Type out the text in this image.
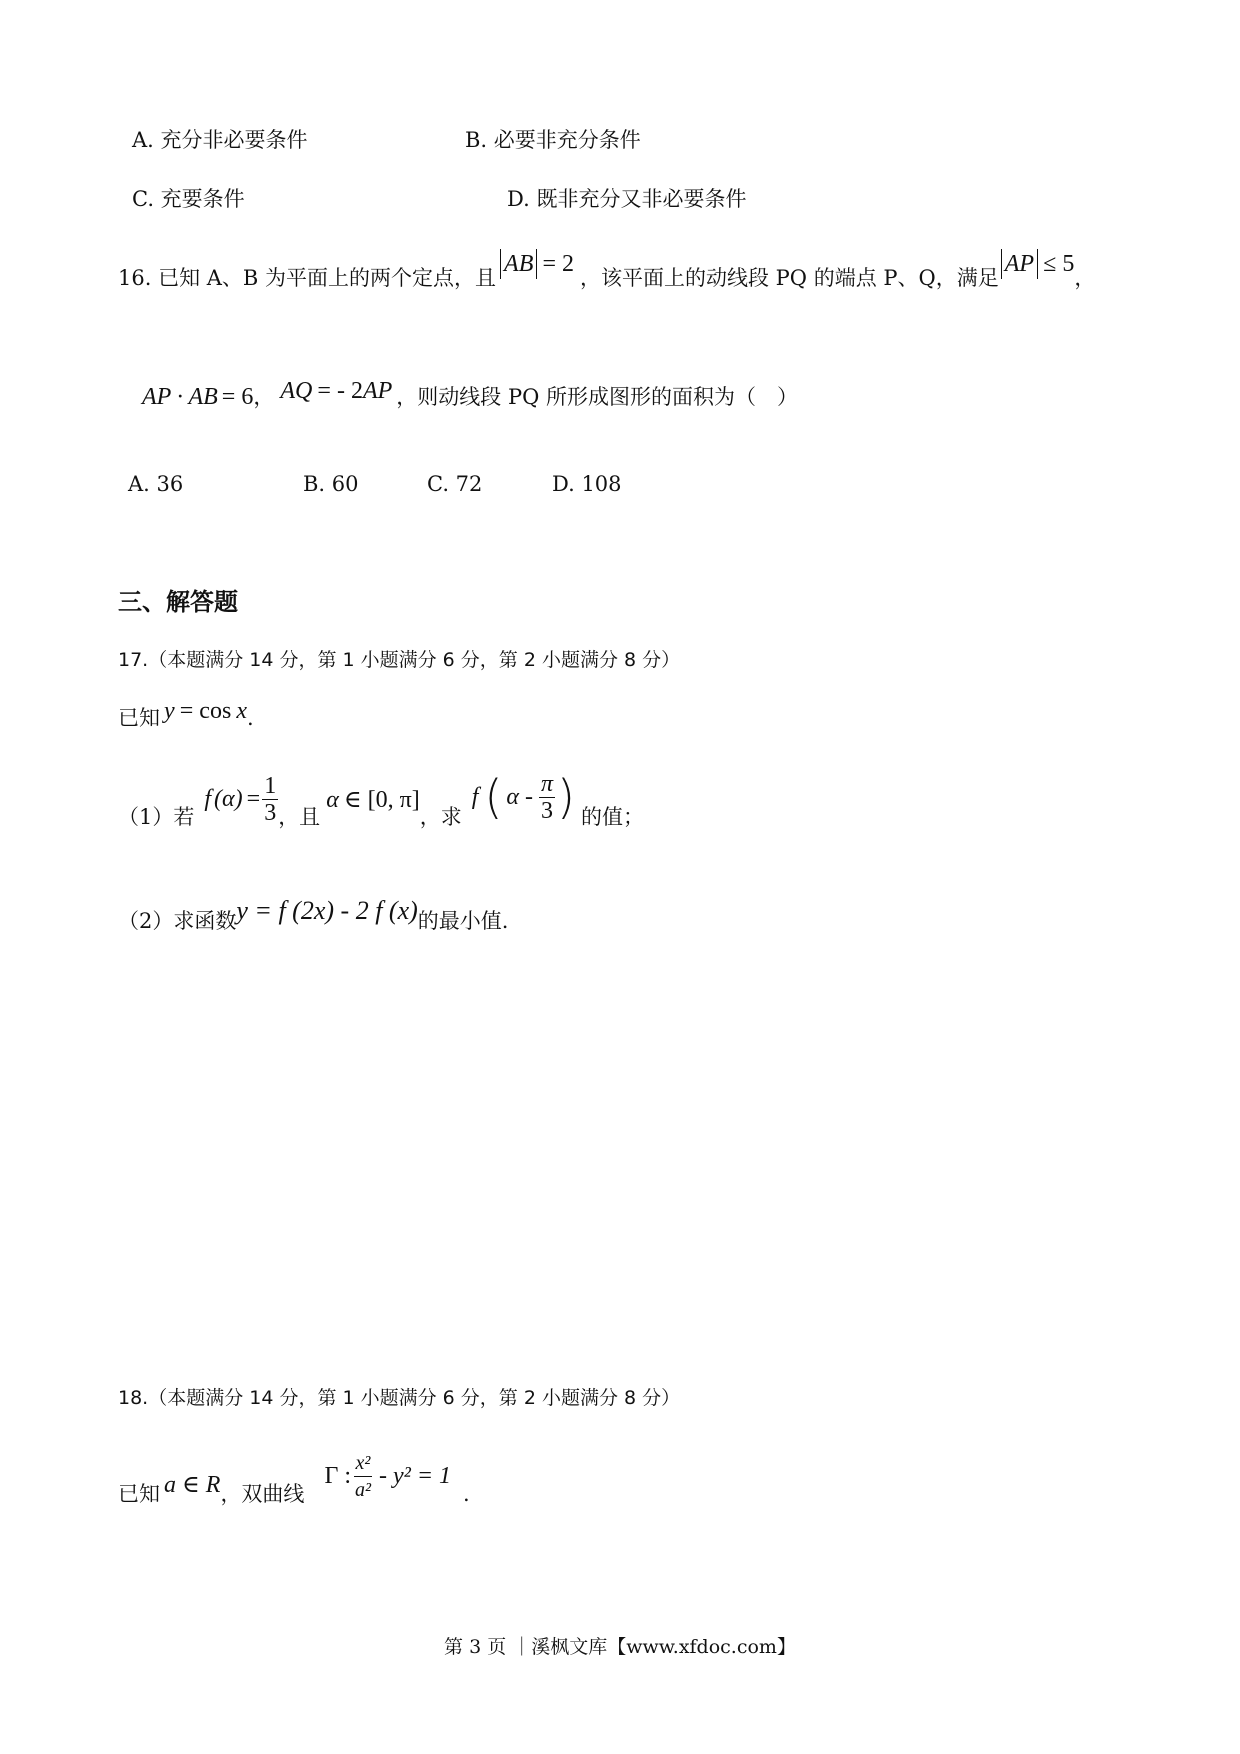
A. 充分非必要条件	B. 必要非充分条件
C. 充要条件	D. 既非充分又非必要条件
16. 已知 A、B 为平面上的两个定点，且
AB = 2
，该平面上的动线段 PQ 的端点 P、Q，满足
AP ≤ 5
，
AP · AB = 6 ， AQ = - 2AP ，则动线段 PQ 所形成图形的面积为（　）
A. 36	B. 60	C. 72	D. 108
三、解答题
17.（本题满分 14 分，第 1 小题满分 6 分，第 2 小题满分 8 分）
已知 y = cos x .
（1）若
f $(\alpha) = \frac{1}{3}$ ，且
α ∈ [0, π]
，求
f ( α - $\frac{\pi}{3}$ ) 的值；
（2）求函数 y = f (2x) - 2 f (x) 的最小值.
18.（本题满分 14 分，第 1 小题满分 6 分，第 2 小题满分 8 分）
已知 a ∈ R ，双曲线
Γ : $\frac{\text{x²}}{\text{a²}} - y^2 = 1$
.
第 3 页 ｜溪枫文库【www.xfdoc.com】
